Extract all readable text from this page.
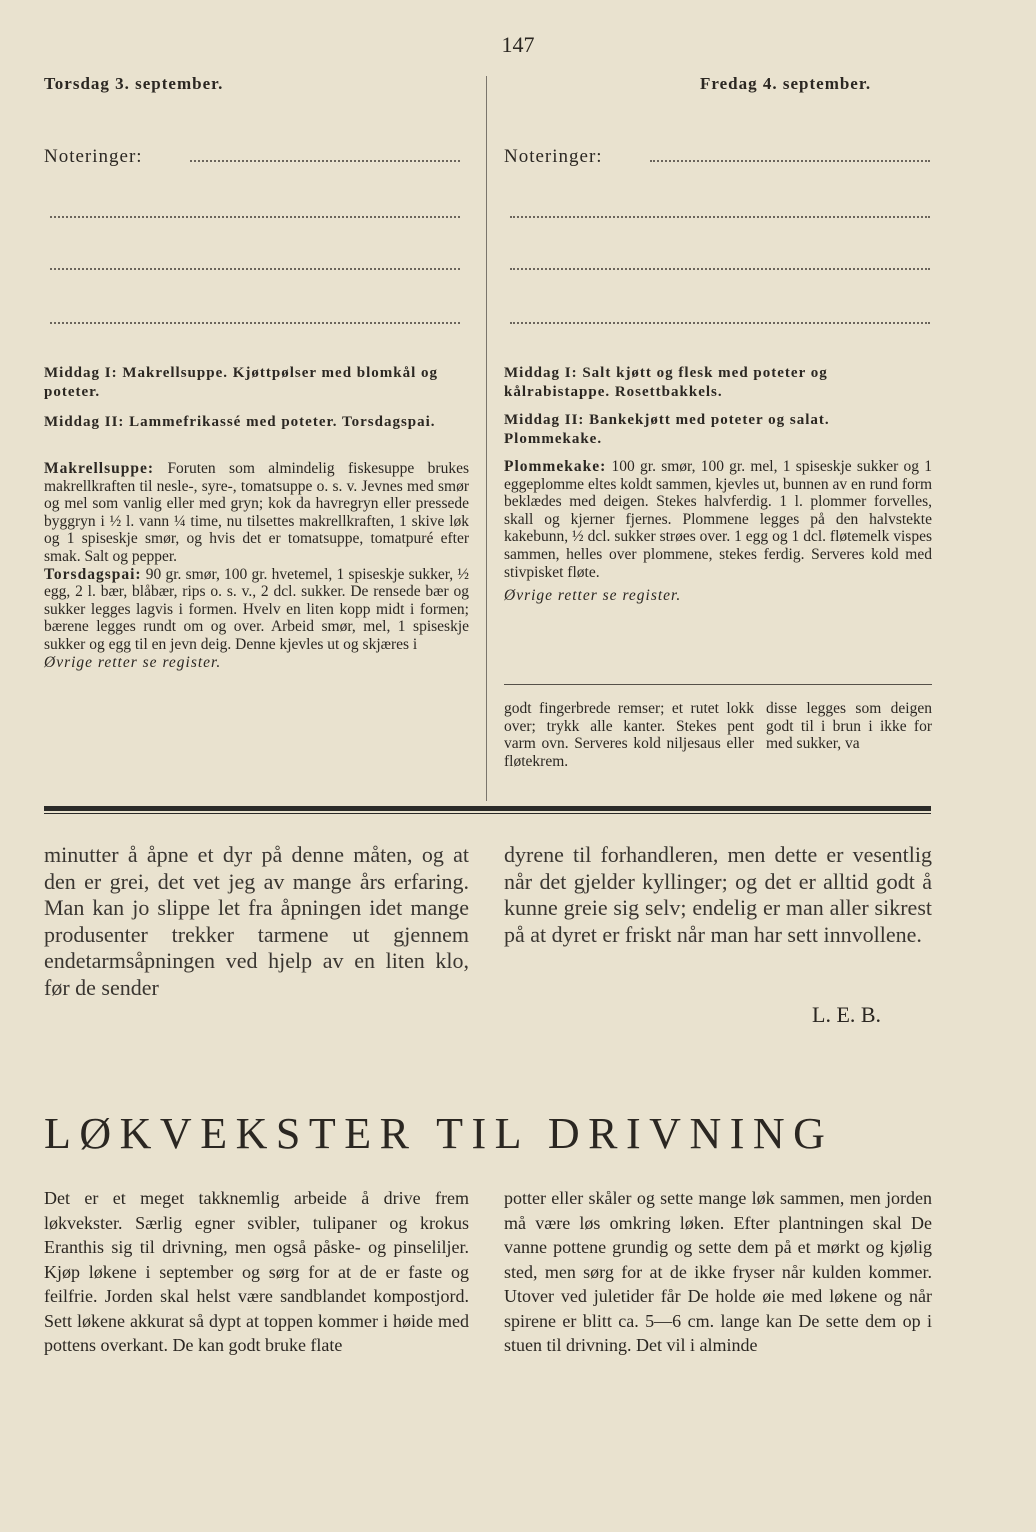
147
Torsdag 3. september.
Noteringer:
Middag I: Makrellsuppe. Kjøttpølser med blomkål og poteter.
Middag II: Lammefrikassé med poteter. Torsdagspai.
Makrellsuppe: Foruten som almindelig fiskesuppe brukes makrellkraften til nesle-, syre-, tomatsuppe o. s. v. Jevnes med smør og mel som vanlig eller med gryn; kok da havregryn eller pressede byggryn i ½ l. vann ¼ time, nu tilsettes makrellkraften, 1 skive løk og 1 spiseskje smør, og hvis det er tomatsuppe, tomatpuré efter smak. Salt og pepper.
Torsdagspai: 90 gr. smør, 100 gr. hvetemel, 1 spiseskje sukker, ½ egg, 2 l. bær, blåbær, rips o. s. v., 2 dcl. sukker. De rensede bær og sukker legges lagvis i formen. Hvelv en liten kopp midt i formen; bærene legges rundt om og over. Arbeid smør, mel, 1 spiseskje sukker og egg til en jevn deig. Denne kjevles ut og skjæres i
Øvrige retter se register.
Fredag 4. september.
Noteringer:
Middag I: Salt kjøtt og flesk med poteter og kålrabistappe. Rosettbakkels.
Middag II: Bankekjøtt med poteter og salat. Plommekake.
Plommekake: 100 gr. smør, 100 gr. mel, 1 spiseskje sukker og 1 eggeplomme eltes koldt sammen, kjevles ut, bunnen av en rund form beklædes med deigen. Stekes halvferdig. 1 l. plommer forvelles, skall og kjerner fjernes. Plommene legges på den halvstekte kakebunn, ½ dcl. sukker strøes over. 1 egg og 1 dcl. fløtemelk vispes sammen, helles over plommene, stekes ferdig. Serveres kold med stivpisket fløte.
Øvrige retter se register.
godt fingerbrede remser; et rutet lokk over; trykk alle kanter. Stekes pent varm ovn. Serveres kold niljesaus eller fløtekrem.
disse legges som deigen godt til i brun i ikke for med sukker, va
minutter å åpne et dyr på denne måten, og at den er grei, det vet jeg av mange års erfaring. Man kan jo slippe let fra åpningen idet mange produsenter trekker tarmene ut gjennem endetarmsåpningen ved hjelp av en liten klo, før de sender
dyrene til forhandleren, men dette er vesentlig når det gjelder kyllinger; og det er alltid godt å kunne greie sig selv; endelig er man aller sikrest på at dyret er friskt når man har sett innvollene.
L. E. B.
LØKVEKSTER TIL DRIVNING
Det er et meget takknemlig arbeide å drive frem løkvekster. Særlig egner svibler, tulipaner og krokus Eranthis sig til drivning, men også påske- og pinseliljer. Kjøp løkene i september og sørg for at de er faste og feilfrie. Jorden skal helst være sandblandet kompostjord. Sett løkene akkurat så dypt at toppen kommer i høide med pottens overkant. De kan godt bruke flate
potter eller skåler og sette mange løk sammen, men jorden må være løs omkring løken. Efter plantningen skal De vanne pottene grundig og sette dem på et mørkt og kjølig sted, men sørg for at de ikke fryser når kulden kommer. Utover ved juletider får De holde øie med løkene og når spirene er blitt ca. 5—6 cm. lange kan De sette dem op i stuen til drivning. Det vil i alminde
